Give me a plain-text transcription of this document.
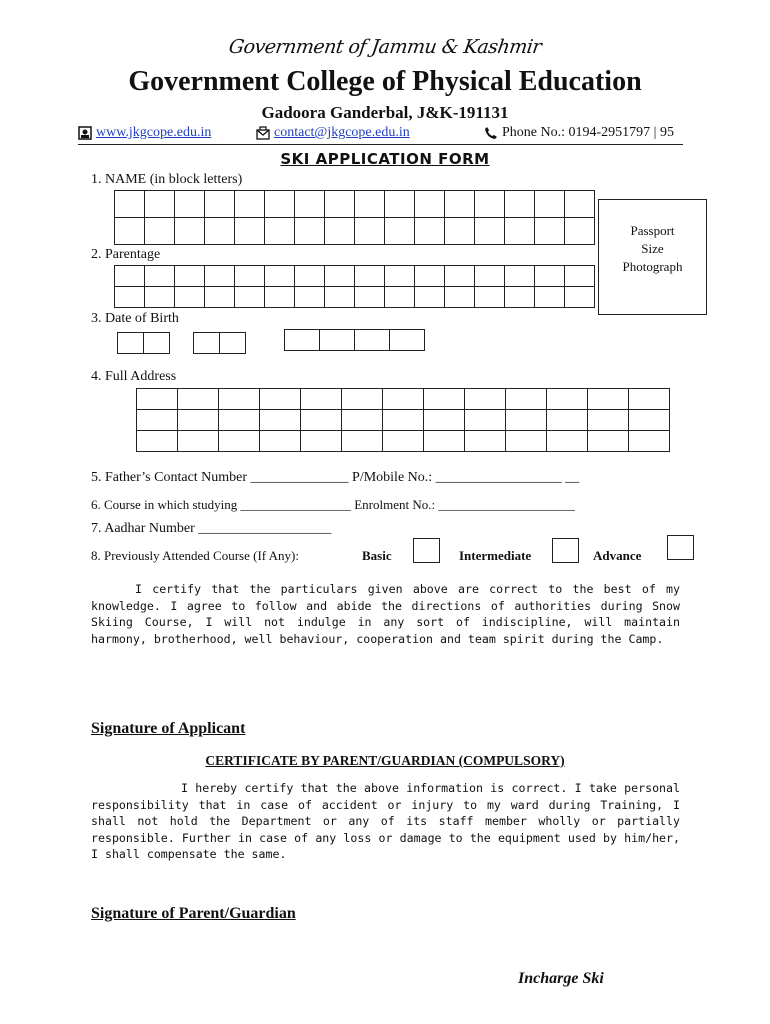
Government of Jammu & Kashmir
Government College of Physical Education
Gadoora Ganderbal, J&K-191131
www.jkgcope.edu.in	contact@jkgcope.edu.in	Phone No.: 0194-2951797 | 95
SKI APPLICATION FORM
1. NAME (in block letters)

Passport
Size
Photograph
2. Parentage

3. Date of Birth

4. Full Address

5. Father’s Contact Number ______________ P/Mobile No.: __________________ __
6. Course in which studying _________________ Enrolment No.: _____________________
7. Aadhar Number ___________________
8. Previously Attended Course (If Any):	Basic	Intermediate	Advance
I certify that the particulars given above are correct to the best of my knowledge. I agree to follow and abide the directions of authorities during Snow Skiing Course, I will not indulge in any sort of indiscipline, will maintain harmony, brotherhood, well behaviour, cooperation and team spirit during the Camp.
Signature of Applicant
CERTIFICATE BY PARENT/GUARDIAN (COMPULSORY)
I hereby certify that the above information is correct. I take personal responsibility that in case of accident or injury to my ward during Training, I shall not hold the Department or any of its staff member wholly or partially responsible. Further in case of any loss or damage to the equipment used by him/her, I shall compensate the same.
Signature of Parent/Guardian
Incharge Ski
